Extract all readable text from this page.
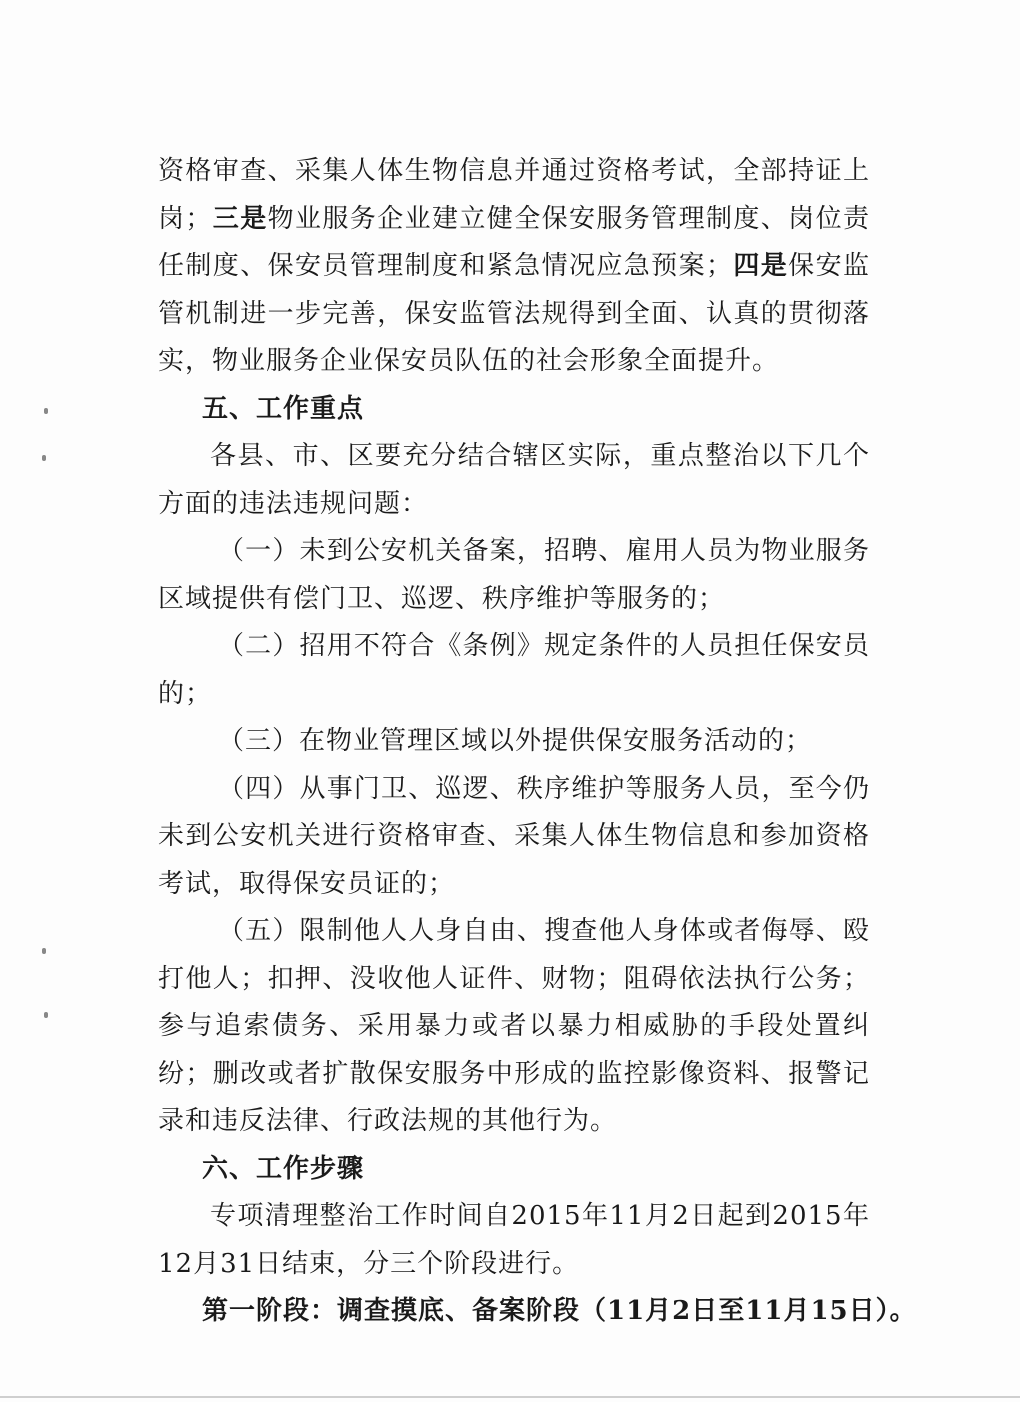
资格审查、采集人体生物信息并通过资格考试，全部持证上岗；三是物业服务企业建立健全保安服务管理制度、岗位责任制度、保安员管理制度和紧急情况应急预案；四是保安监管机制进一步完善，保安监管法规得到全面、认真的贯彻落实，物业服务企业保安员队伍的社会形象全面提升。

五、工作重点

各县、市、区要充分结合辖区实际，重点整治以下几个方面的违法违规问题：

（一）未到公安机关备案，招聘、雇用人员为物业服务区域提供有偿门卫、巡逻、秩序维护等服务的；

（二）招用不符合《条例》规定条件的人员担任保安员的；

（三）在物业管理区域以外提供保安服务活动的；

（四）从事门卫、巡逻、秩序维护等服务人员，至今仍未到公安机关进行资格审查、采集人体生物信息和参加资格考试，取得保安员证的；

（五）限制他人人身自由、搜查他人身体或者侮辱、殴打他人；扣押、没收他人证件、财物；阻碍依法执行公务；参与追索债务、采用暴力或者以暴力相威胁的手段处置纠纷；删改或者扩散保安服务中形成的监控影像资料、报警记录和违反法律、行政法规的其他行为。

六、工作步骤

专项清理整治工作时间自2015年11月2日起到2015年12月31日结束，分三个阶段进行。

第一阶段：调查摸底、备案阶段（11月2日至11月15日）。
